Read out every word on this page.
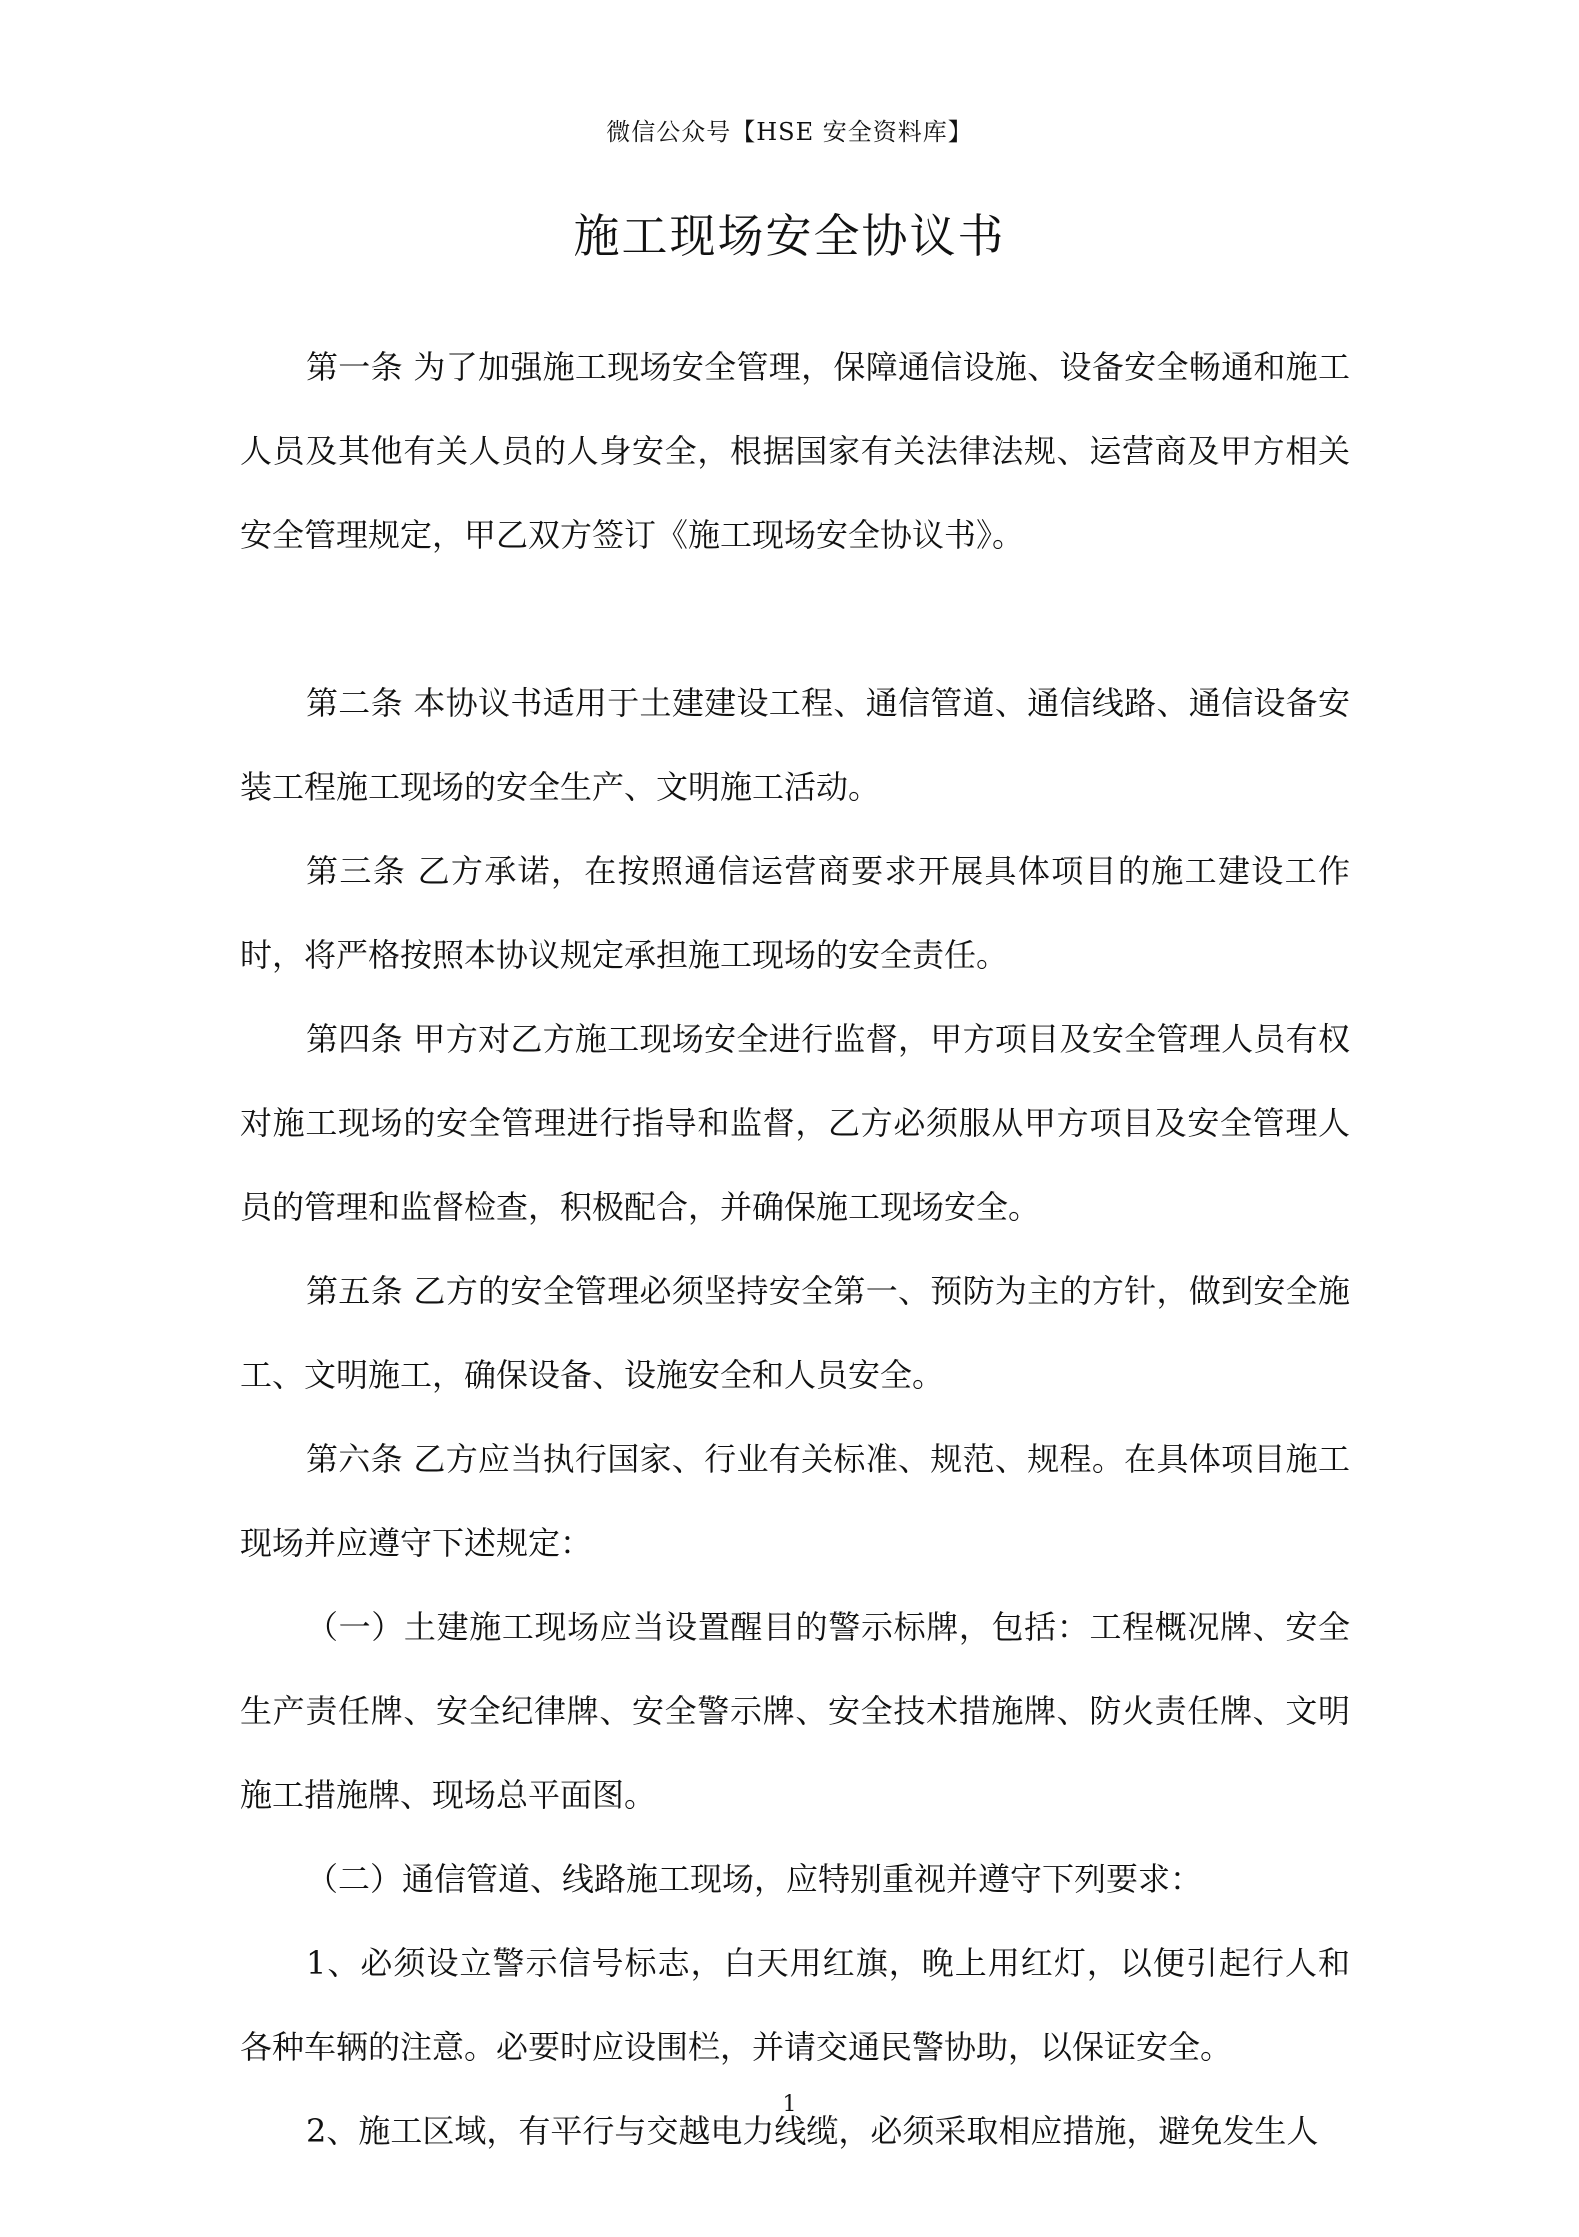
微信公众号【HSE 安全资料库】
施工现场安全协议书

第一条 为了加强施工现场安全管理，保障通信设施、设备安全畅通和施工人员及其他有关人员的人身安全，根据国家有关法律法规、运营商及甲方相关安全管理规定，甲乙双方签订《施工现场安全协议书》。

第二条 本协议书适用于土建建设工程、通信管道、通信线路、通信设备安装工程施工现场的安全生产、文明施工活动。

第三条 乙方承诺，在按照通信运营商要求开展具体项目的施工建设工作时，将严格按照本协议规定承担施工现场的安全责任。

第四条 甲方对乙方施工现场安全进行监督，甲方项目及安全管理人员有权对施工现场的安全管理进行指导和监督，乙方必须服从甲方项目及安全管理人员的管理和监督检查，积极配合，并确保施工现场安全。

第五条 乙方的安全管理必须坚持安全第一、预防为主的方针，做到安全施工、文明施工，确保设备、设施安全和人员安全。

第六条 乙方应当执行国家、行业有关标准、规范、规程。在具体项目施工现场并应遵守下述规定：

（一）土建施工现场应当设置醒目的警示标牌，包括：工程概况牌、安全生产责任牌、安全纪律牌、安全警示牌、安全技术措施牌、防火责任牌、文明施工措施牌、现场总平面图。

（二）通信管道、线路施工现场，应特别重视并遵守下列要求：

1、必须设立警示信号标志，白天用红旗，晚上用红灯，以便引起行人和各种车辆的注意。必要时应设围栏，并请交通民警协助，以保证安全。

2、施工区域，有平行与交越电力线缆，必须采取相应措施，避免发生人

1
